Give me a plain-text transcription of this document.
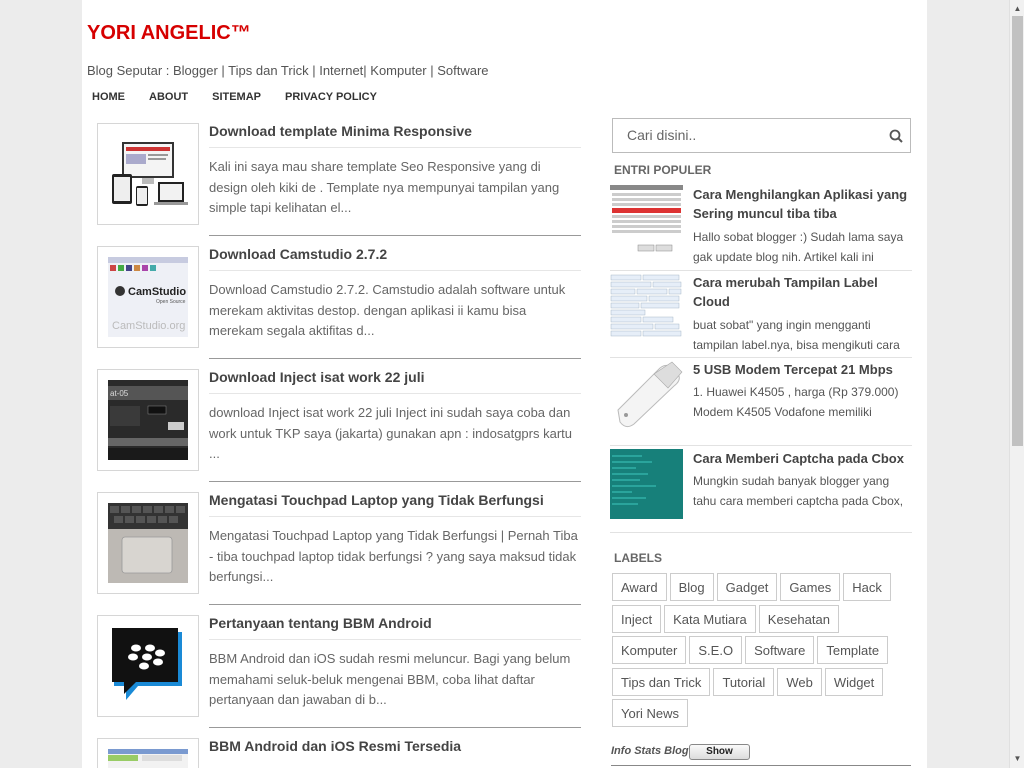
YORI ANGELIC™
Blog Seputar : Blogger | Tips dan Trick | Internet| Komputer | Software
HOME ABOUT SITEMAP PRIVACY POLICY
Download template Minima Responsive
Kali ini saya mau share template Seo Responsive yang di design oleh kiki de . Template nya mempunyai tampilan yang simple tapi kelihatan el...
CamStudio
Open Source
CamStudio.org
Download Camstudio 2.7.2
Download Camstudio 2.7.2. Camstudio adalah software untuk merekam aktivitas destop. dengan aplikasi ii kamu bisa merekam segala aktifitas d...
at-05
Download Inject isat work 22 juli
download Inject isat work 22 juli Inject ini sudah saya coba dan work untuk TKP saya (jakarta) gunakan apn : indosatgprs kartu ...
Mengatasi Touchpad Laptop yang Tidak Berfungsi
Mengatasi Touchpad Laptop yang Tidak Berfungsi | Pernah Tiba - tiba touchpad laptop tidak berfungsi ? yang saya maksud tidak berfungsi...
Pertanyaan tentang BBM Android
BBM Android dan iOS sudah resmi meluncur. Bagi yang belum memahami seluk-beluk mengenai BBM, coba lihat daftar pertanyaan dan jawaban di b...
BBM Android dan iOS Resmi Tersedia
Cari disini..
ENTRI POPULER
Cara Menghilangkan Aplikasi yang Sering muncul tiba tiba
Hallo sobat blogger :) Sudah lama saya gak update blog nih. Artikel kali ini
Cara merubah Tampilan Label Cloud
buat sobat" yang ingin mengganti tampilan label.nya, bisa mengikuti cara
5 USB Modem Tercepat 21 Mbps
1. Huawei K4505 , harga (Rp 379.000) Modem K4505 Vodafone memiliki
Cara Memberi Captcha pada Cbox
Mungkin sudah banyak blogger yang tahu cara memberi captcha pada Cbox,
LABELS
Award	Blog	Gadget	Games	Hack
Inject	Kata Mutiara	Kesehatan
Komputer	S.E.O	Software	Template
Tips dan Trick	Tutorial	Web	Widget
Yori News
Info Stats Blog	Show
▲
▼
